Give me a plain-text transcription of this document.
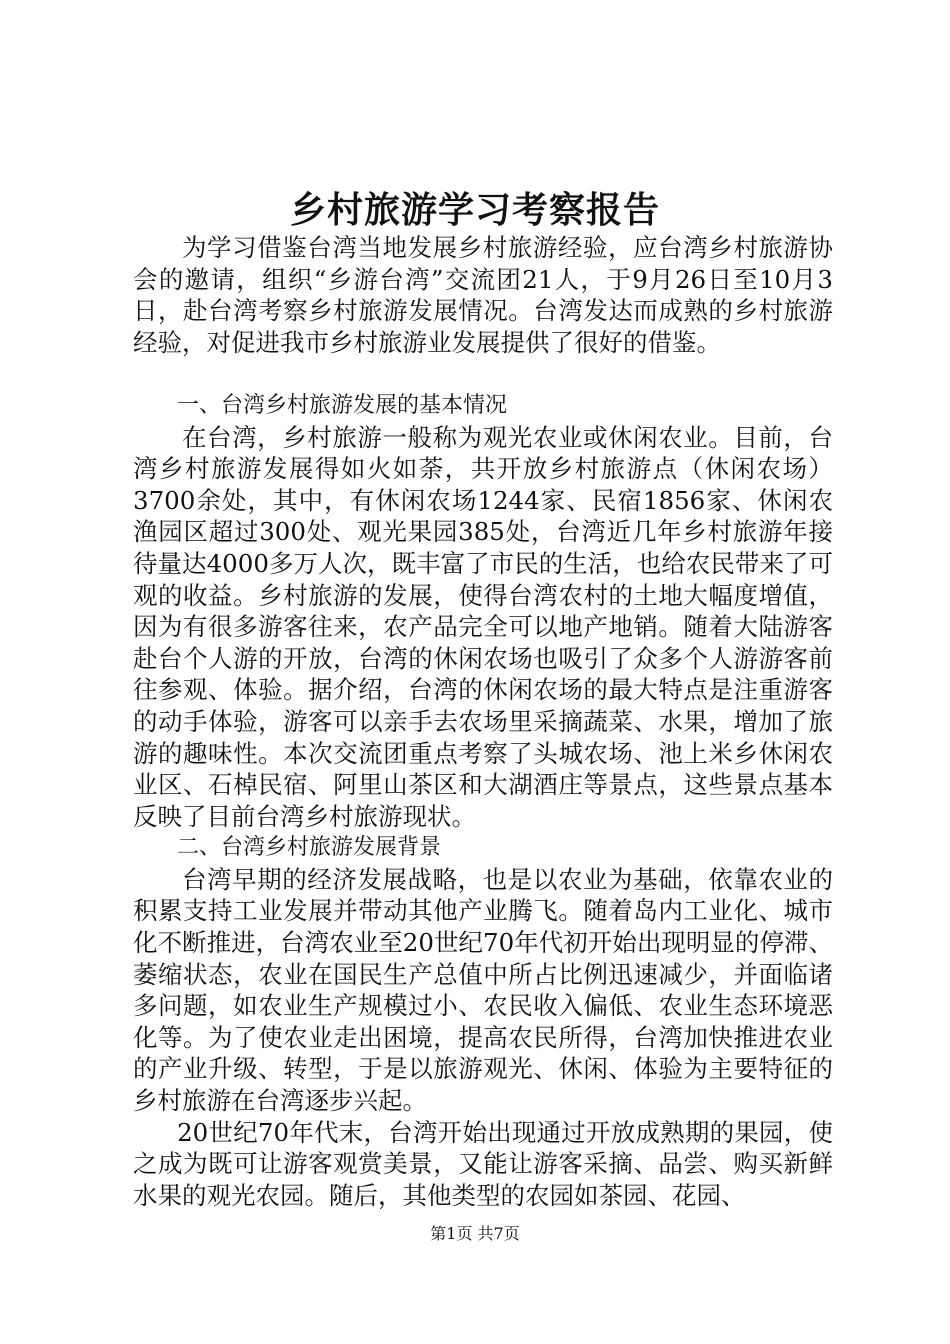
乡村旅游学习考察报告

为学习借鉴台湾当地发展乡村旅游经验，应台湾乡村旅游协会的邀请，组织“乡游台湾”交流团21人，于9月26日至10月3日，赴台湾考察乡村旅游发展情况。台湾发达而成熟的乡村旅游经验，对促进我市乡村旅游业发展提供了很好的借鉴。

一、台湾乡村旅游发展的基本情况

在台湾，乡村旅游一般称为观光农业或休闲农业。目前，台湾乡村旅游发展得如火如荼，共开放乡村旅游点（休闲农场）3700余处，其中，有休闲农场1244家、民宿1856家、休闲农渔园区超过300处、观光果园385处，台湾近几年乡村旅游年接待量达4000多万人次，既丰富了市民的生活，也给农民带来了可观的收益。乡村旅游的发展，使得台湾农村的土地大幅度增值，因为有很多游客往来，农产品完全可以地产地销。随着大陆游客赴台个人游的开放，台湾的休闲农场也吸引了众多个人游游客前往参观、体验。据介绍，台湾的休闲农场的最大特点是注重游客的动手体验，游客可以亲手去农场里采摘蔬菜、水果，增加了旅游的趣味性。本次交流团重点考察了头城农场、池上米乡休闲农业区、石棹民宿、阿里山茶区和大湖酒庄等景点，这些景点基本反映了目前台湾乡村旅游现状。

二、台湾乡村旅游发展背景

台湾早期的经济发展战略，也是以农业为基础，依靠农业的积累支持工业发展并带动其他产业腾飞。随着岛内工业化、城市化不断推进，台湾农业至20世纪70年代初开始出现明显的停滞、萎缩状态，农业在国民生产总值中所占比例迅速减少，并面临诸多问题，如农业生产规模过小、农民收入偏低、农业生态环境恶化等。为了使农业走出困境，提高农民所得，台湾加快推进农业的产业升级、转型，于是以旅游观光、休闲、体验为主要特征的乡村旅游在台湾逐步兴起。

20世纪70年代末，台湾开始出现通过开放成熟期的果园，使之成为既可让游客观赏美景，又能让游客采摘、品尝、购买新鲜水果的观光农园。随后，其他类型的农园如茶园、花园、

第1页 共7页
